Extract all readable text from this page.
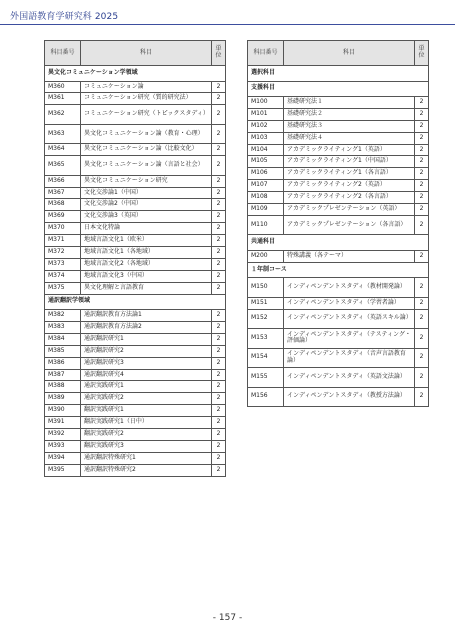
外国語教育学研究科 2025
科目番号	科目	単位
異文化コミュニケーション学領域		
M360	コミュニケーション論	2
M361	コミュニケーション研究（質的研究法）	2
M362	コミュニケーション研究（トピックスタディ）	2
M363	異文化コミュニケーション論（教育・心理）	2
M364	異文化コミュニケーション論（比較文化）	2
M365	異文化コミュニケーション論（言語と社会）	2
M366	異文化コミュニケーション研究	2
M367	文化交渉論1（中国）	2
M368	文化交渉論2（中国）	2
M369	文化交渉論3（英国）	2
M370	日本文化特論	2
M371	地域言語文化1（欧米）	2
M372	地域言語文化1（各地域）	2
M373	地域言語文化2（各地域）	2
M374	地域言語文化3（中国）	2
M375	異文化理解と言語教育	2
通訳翻訳学領域		
M382	通訳翻訳教育方法論1	2
M383	通訳翻訳教育方法論2	2
M384	通訳翻訳研究1	2
M385	通訳翻訳研究2	2
M386	通訳翻訳研究3	2
M387	通訳翻訳研究4	2
M388	通訳実践研究1	2
M389	通訳実践研究2	2
M390	翻訳実践研究1	2
M391	翻訳実践研究1（日中）	2
M392	翻訳実践研究2	2
M393	翻訳実践研究3	2
M394	通訳翻訳特殊研究1	2
M395	通訳翻訳特殊研究2	2
科目番号	科目	単位
選択科目		
支援科目		
M100	基礎研究法１	2
M101	基礎研究法２	2
M102	基礎研究法３	2
M103	基礎研究法４	2
M104	アカデミックライティング1（英語）	2
M105	アカデミックライティング1（中国語）	2
M106	アカデミックライティング1（各言語）	2
M107	アカデミックライティング2（英語）	2
M108	アカデミックライティング2（各言語）	2
M109	アカデミックプレゼンテーション（英語）	2
M110	アカデミックプレゼンテーション（各言語）	2
共通科目		
M200	特殊講義（各テーマ）	2
１年制コース		
M150	インディペンデントスタディ（教材開発論）	2
M151	インディペンデントスタディ（学習者論）	2
M152	インディペンデントスタディ（英語スキル論）	2
M153	インディペンデントスタディ（テスティング・評価論）	2
M154	インディペンデントスタディ（音声言語教育論）	2
M155	インディペンデントスタディ（英語文法論）	2
M156	インディペンデントスタディ（教授方法論）	2
- 157 -
